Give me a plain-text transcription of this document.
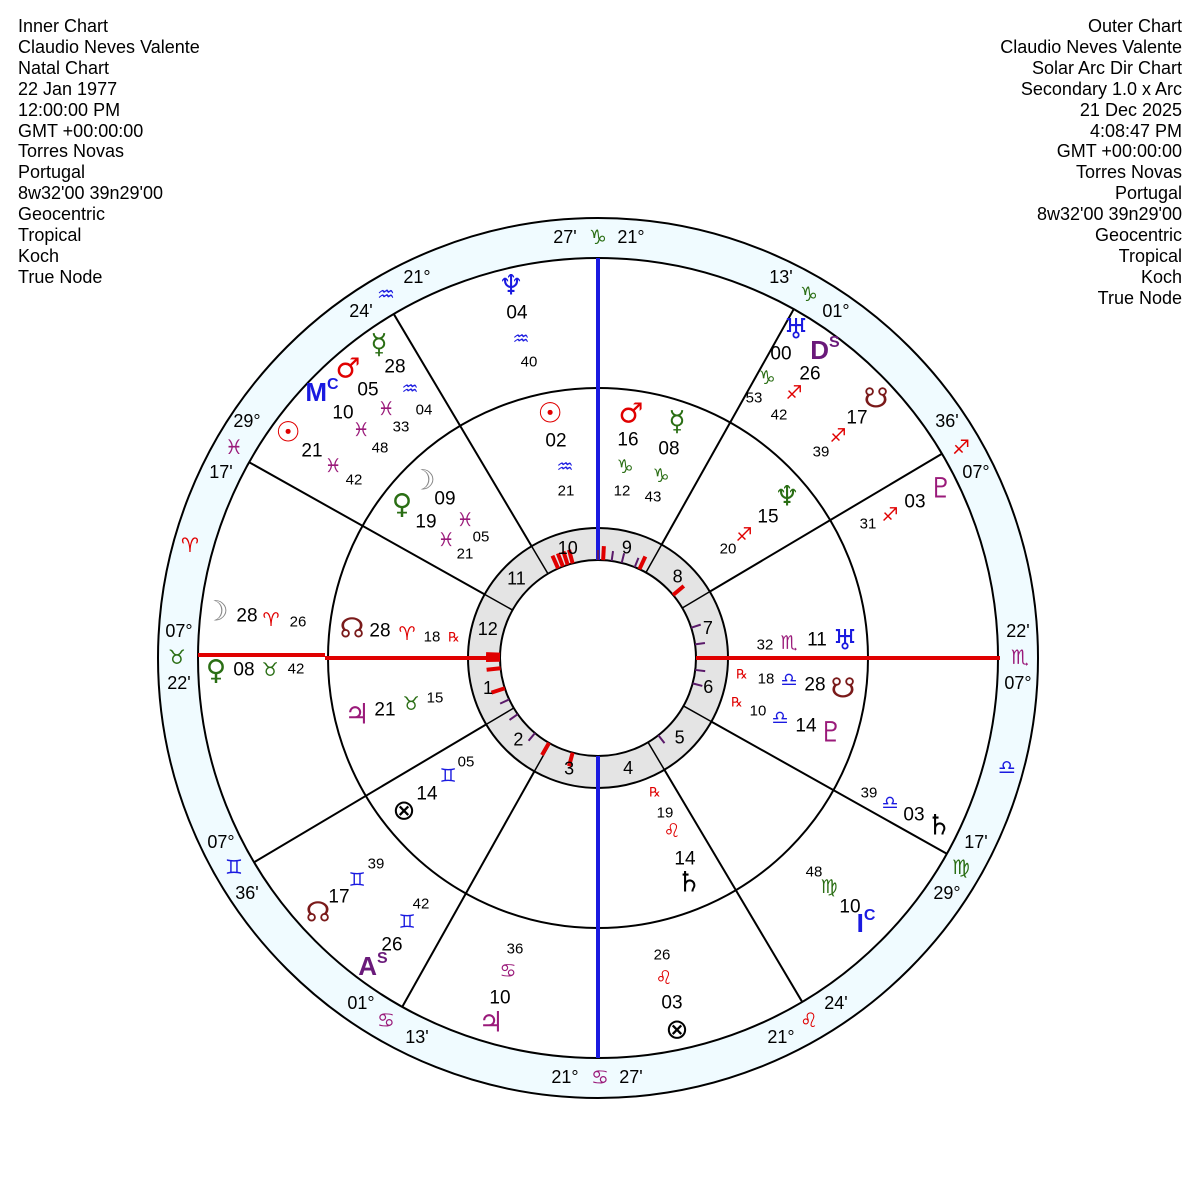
Inner Chart
Claudio Neves Valente
Natal Chart
22 Jan 1977
12:00:00 PM
GMT +00:00:00
Torres Novas
Portugal
8w32'00 39n29'00
Geocentric
Tropical
Koch
True Node
Outer Chart
Claudio Neves Valente
Solar Arc Dir Chart
Secondary 1.0 x Arc
21 Dec 2025
4:08:47 PM
GMT +00:00:00
Torres Novas
Portugal
8w32'00 39n29'00
Geocentric
Tropical
Koch
True Node
1
2
3	4
5
6
7
8
9
10
11
12
07°
♉
22'
07°
♊
36'
01°
♋
13'
21° ♋ 27'
21°
♌
24'
29°
♍
17'
07°
♏
22'
07°
♐
36'
01°
♑
13'
21°
♑
27'
21°
♒
24'
29°
♓
17'
♈
♎
☉
02
♒
21
♂
16
♑
12
☿
08
♑
43
☽
09
♓
05
♀
19
♓
21
♆
15
♐
20
♇
03
♐
31
♅
11
♏
32
☋
28
♎
18
℞
♇
14
♎
10
℞
♄
03
♎
39
♄
14
♌
19
℞
⊗ 14
♊
05
♃ 21 ♉ 15
☊ 28 ♈ 18 ℞
♆
04
♒
40
☿
28
♒
04
♂
05
♓
33
$M^C$
10
♓
48
☉
21
♓
42
♅
00
♑
53
$D^S$
26
♐
42
☋
17
♐
39
☽ 28 ♈ 26
♀ 08 ♉ 42
$I^C$
10
♍
48
☊
17
♊
39
$A^S$
26
♊
42
♃
10
♋
36
⊗
03
♌
26
